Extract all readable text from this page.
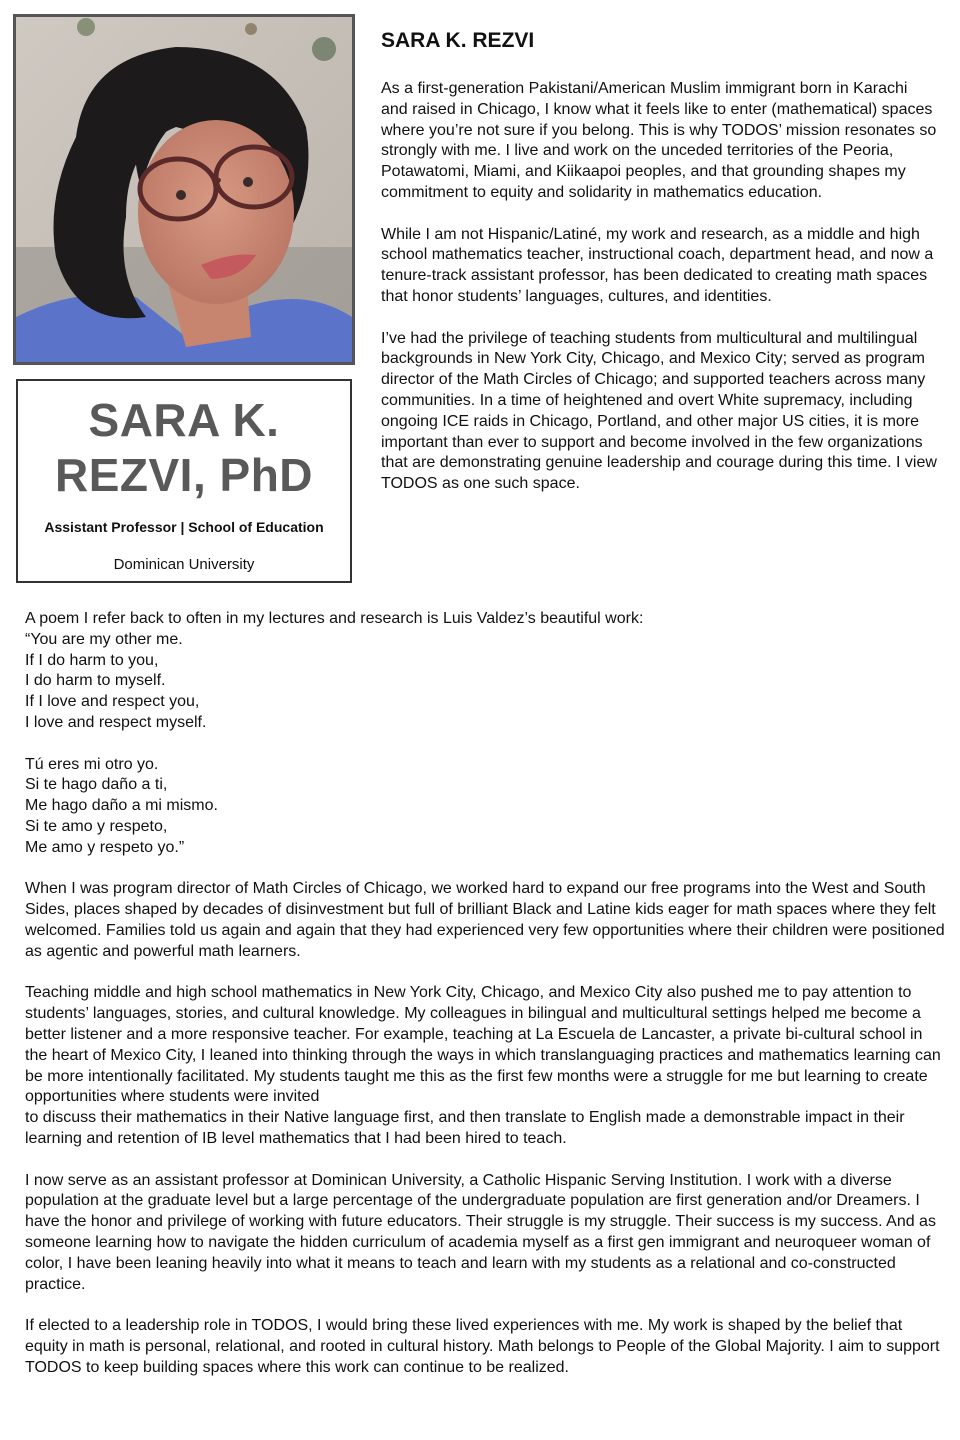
SARA K.
REZVI, PhD
Assistant Professor | School of Education
Dominican University
SARA K. REZVI

As a first-generation Pakistani/American Muslim immigrant born in Karachi and raised in Chicago, I know what it feels like to enter (mathematical) spaces where you’re not sure if you belong. This is why TODOS’ mission resonates so strongly with me. I live and work on the unceded territories of the Peoria, Potawatomi, Miami, and Kiikaapoi peoples, and that grounding shapes my commitment to equity and solidarity in mathematics education.

While I am not Hispanic/Latiné, my work and research, as a middle and high school mathematics teacher, instructional coach, department head, and now a tenure-track assistant professor, has been dedicated to creating math spaces that honor students’ languages, cultures, and identities.

I’ve had the privilege of teaching students from multicultural and multilingual backgrounds in New York City, Chicago, and Mexico City; served as program director of the Math Circles of Chicago; and supported teachers across many communities. In a time of heightened and overt White supremacy, including ongoing ICE raids in Chicago, Portland, and other major US cities, it is more important than ever to support and become involved in the few organizations that are demonstrating genuine leadership and courage during this time. I view TODOS as one such space.

A poem I refer back to often in my lectures and research is Luis Valdez’s beautiful work:
“You are my other me.
If I do harm to you,
I do harm to myself.
If I love and respect you,
I love and respect myself.
Tú eres mi otro yo.
Si te hago daño a ti,
Me hago daño a mi mismo.
Si te amo y respeto,
Me amo y respeto yo.”

When I was program director of Math Circles of Chicago, we worked hard to expand our free programs into the West and South Sides, places shaped by decades of disinvestment but full of brilliant Black and Latine kids eager for math spaces where they felt welcomed. Families told us again and again that they had experienced very few opportunities where their children were positioned as agentic and powerful math learners.

Teaching middle and high school mathematics in New York City, Chicago, and Mexico City also pushed me to pay attention to students’ languages, stories, and cultural knowledge. My colleagues in bilingual and multicultural settings helped me become a better listener and a more responsive teacher. For example, teaching at La Escuela de Lancaster, a private bi-cultural school in the heart of Mexico City, I leaned into thinking through the ways in which translanguaging practices and mathematics learning can be more intentionally facilitated. My students taught me this as the first few months were a struggle for me but learning to create opportunities where students were invited
to discuss their mathematics in their Native language first, and then translate to English made a demonstrable impact in their learning and retention of IB level mathematics that I had been hired to teach.

I now serve as an assistant professor at Dominican University, a Catholic Hispanic Serving Institution. I work with a diverse population at the graduate level but a large percentage of the undergraduate population are first generation and/or Dreamers. I have the honor and privilege of working with future educators. Their struggle is my struggle. Their success is my success. And as someone learning how to navigate the hidden curriculum of academia myself as a first gen immigrant and neuroqueer woman of color, I have been leaning heavily into what it means to teach and learn with my students as a relational and co-constructed practice.

If elected to a leadership role in TODOS, I would bring these lived experiences with me. My work is shaped by the belief that equity in math is personal, relational, and rooted in cultural history. Math belongs to People of the Global Majority. I aim to support TODOS to keep building spaces where this work can continue to be realized.
